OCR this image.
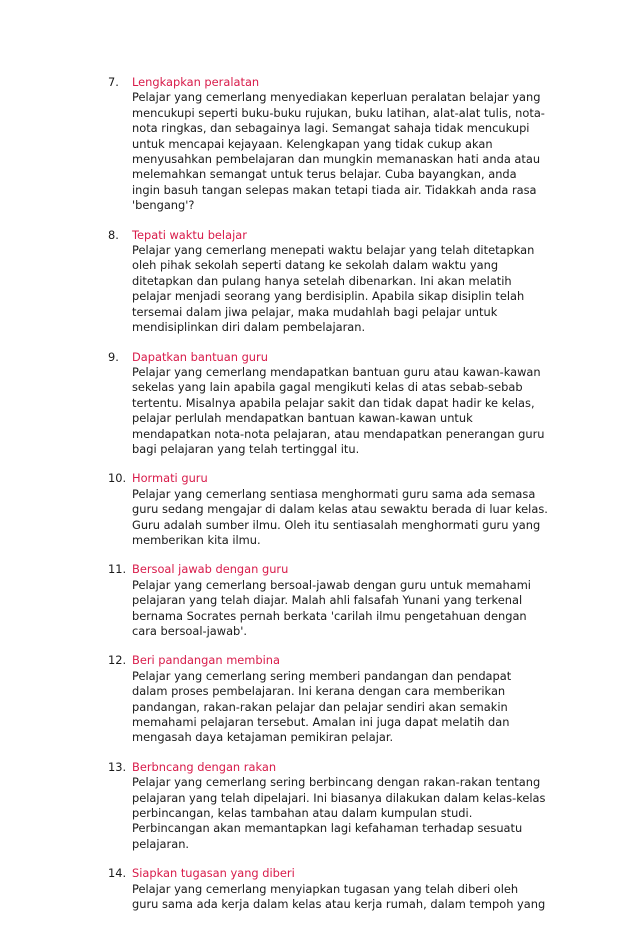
7.	Lengkapkan peralatan

Pelajar yang cemerlang menyediakan keperluan peralatan belajar yang mencukupi seperti buku-buku rujukan, buku latihan, alat-alat tulis, nota-nota ringkas, dan sebagainya lagi. Semangat sahaja tidak mencukupi untuk mencapai kejayaan. Kelengkapan yang tidak cukup akan menyusahkan pembelajaran dan mungkin memanaskan hati anda atau melemahkan semangat untuk terus belajar. Cuba bayangkan, anda ingin basuh tangan selepas makan tetapi tiada air. Tidakkah anda rasa 'bengang'?

8.	Tepati waktu belajar

Pelajar yang cemerlang menepati waktu belajar yang telah ditetapkan oleh pihak sekolah seperti datang ke sekolah dalam waktu yang ditetapkan dan pulang hanya setelah dibenarkan. Ini akan melatih pelajar menjadi seorang yang berdisiplin. Apabila sikap disiplin telah tersemai dalam jiwa pelajar, maka mudahlah bagi pelajar untuk mendisiplinkan diri dalam pembelajaran.

9.	Dapatkan bantuan guru

Pelajar yang cemerlang mendapatkan bantuan guru atau kawan-kawan sekelas yang lain apabila gagal mengikuti kelas di atas sebab-sebab tertentu. Misalnya apabila pelajar sakit dan tidak dapat hadir ke kelas, pelajar perlulah mendapatkan bantuan kawan-kawan untuk mendapatkan nota-nota pelajaran, atau mendapatkan penerangan guru bagi pelajaran yang telah tertinggal itu.

10. Hormati guru

Pelajar yang cemerlang sentiasa menghormati guru sama ada semasa guru sedang mengajar di dalam kelas atau sewaktu berada di luar kelas. Guru adalah sumber ilmu. Oleh itu sentiasalah menghormati guru yang memberikan kita ilmu.

11. Bersoal jawab dengan guru

Pelajar yang cemerlang bersoal-jawab dengan guru untuk memahami pelajaran yang telah diajar. Malah ahli falsafah Yunani yang terkenal bernama Socrates pernah berkata 'carilah ilmu pengetahuan dengan cara bersoal-jawab'.

12. Beri pandangan membina

Pelajar yang cemerlang sering memberi pandangan dan pendapat dalam proses pembelajaran. Ini kerana dengan cara memberikan pandangan, rakan-rakan pelajar dan pelajar sendiri akan semakin memahami pelajaran tersebut. Amalan ini juga dapat melatih dan mengasah daya ketajaman pemikiran pelajar.

13. Berbncang dengan rakan

Pelajar yang cemerlang sering berbincang dengan rakan-rakan tentang pelajaran yang telah dipelajari. Ini biasanya dilakukan dalam kelas-kelas perbincangan, kelas tambahan atau dalam kumpulan studi. Perbincangan akan memantapkan lagi kefahaman terhadap sesuatu pelajaran.

14. Siapkan tugasan yang diberi

Pelajar yang cemerlang menyiapkan tugasan yang telah diberi oleh guru sama ada kerja dalam kelas atau kerja rumah, dalam tempoh yang
